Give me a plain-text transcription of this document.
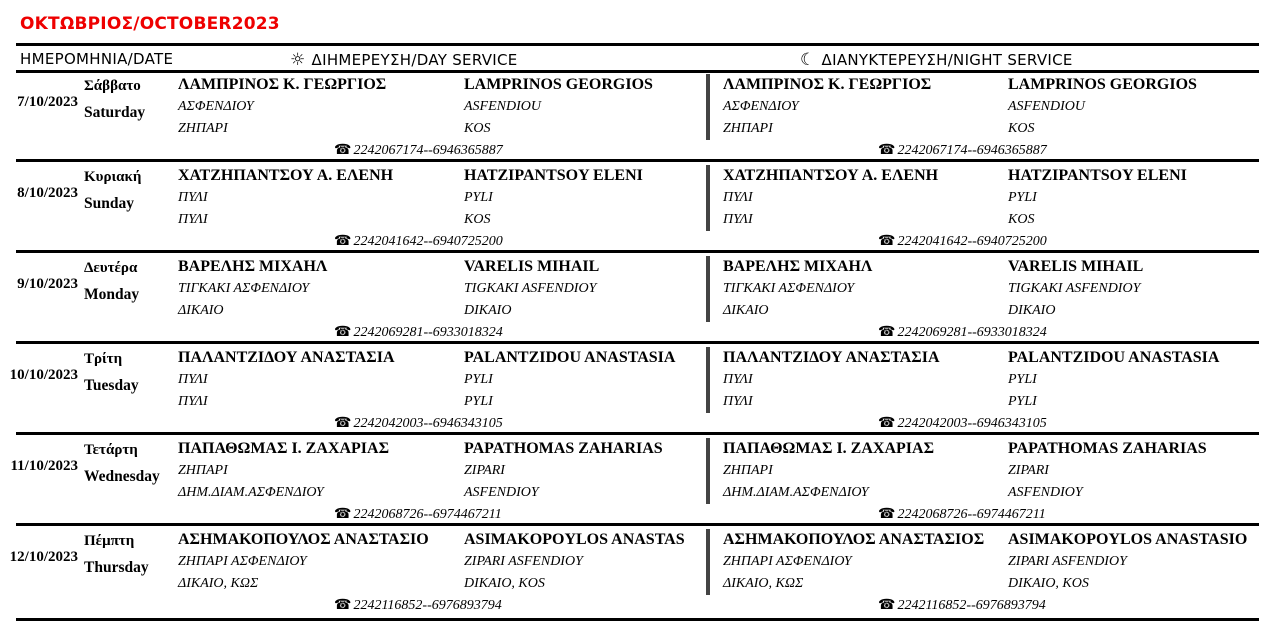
ΟΚΤΩΒΡΙΟΣ/OCTOBER2023
ΗΜΕΡΟΜΗΝΙΑ/DATE	☼ ΔΙΗΜΕΡΕΥΣΗ/DAY SERVICE	☾ ΔΙΑΝΥΚΤΕΡΕΥΣΗ/NIGHT SERVICE
7/10/2023
Σάββατο
Saturday
ΛΑΜΠΡΙΝΟΣ Κ. ΓΕΩΡΓΙΟΣ	LAMPRINOS GEORGIOS
ΑΣΦΕΝΔΙΟΥ	ASFENDIOU
ΖΗΠΑΡΙ	KOS
☎ 2242067174--6946365887
ΛΑΜΠΡΙΝΟΣ Κ. ΓΕΩΡΓΙΟΣ	LAMPRINOS GEORGIOS
ΑΣΦΕΝΔΙΟΥ	ASFENDIOU
ΖΗΠΑΡΙ	KOS
☎ 2242067174--6946365887
8/10/2023
Κυριακή
Sunday
ΧΑΤΖΗΠΑΝΤΣΟΥ Α. ΕΛΕΝΗ	HATZIPANTSOY ELENI
ΠΥΛΙ	PYLI
ΠΥΛΙ	KOS
☎ 2242041642--6940725200
ΧΑΤΖΗΠΑΝΤΣΟΥ Α. ΕΛΕΝΗ	HATZIPANTSOY ELENI
ΠΥΛΙ	PYLI
ΠΥΛΙ	KOS
☎ 2242041642--6940725200
9/10/2023
Δευτέρα
Monday
ΒΑΡΕΛΗΣ ΜΙΧΑΗΛ	VARELIS MIHAIL
ΤΙΓΚΑΚΙ ΑΣΦΕΝΔΙΟΥ	TIGKAKI ASFENDIOY
ΔΙΚΑΙΟ	DIKAIO
☎ 2242069281--6933018324
ΒΑΡΕΛΗΣ ΜΙΧΑΗΛ	VARELIS MIHAIL
ΤΙΓΚΑΚΙ ΑΣΦΕΝΔΙΟΥ	TIGKAKI ASFENDIOY
ΔΙΚΑΙΟ	DIKAIO
☎ 2242069281--6933018324
10/10/2023
Τρίτη
Tuesday
ΠΑΛΑΝΤΖΙΔΟΥ ΑΝΑΣΤΑΣΙΑ	PALANTZIDOU ANASTASIA
ΠΥΛΙ	PYLI
ΠΥΛΙ	PYLI
☎ 2242042003--6946343105
ΠΑΛΑΝΤΖΙΔΟΥ ΑΝΑΣΤΑΣΙΑ	PALANTZIDOU ANASTASIA
ΠΥΛΙ	PYLI
ΠΥΛΙ	PYLI
☎ 2242042003--6946343105
11/10/2023
Τετάρτη
Wednesday
ΠΑΠΑΘΩΜΑΣ Ι. ΖΑΧΑΡΙΑΣ	PAPATHOMAS ZAHARIAS
ΖΗΠΑΡΙ	ZIPARI
ΔΗΜ.ΔΙΑΜ.ΑΣΦΕΝΔΙΟΥ	ASFENDIOY
☎ 2242068726--6974467211
ΠΑΠΑΘΩΜΑΣ Ι. ΖΑΧΑΡΙΑΣ	PAPATHOMAS ZAHARIAS
ΖΗΠΑΡΙ	ZIPARI
ΔΗΜ.ΔΙΑΜ.ΑΣΦΕΝΔΙΟΥ	ASFENDIOY
☎ 2242068726--6974467211
12/10/2023
Πέμπτη
Thursday
ΑΣΗΜΑΚΟΠΟΥΛΟΣ ΑΝΑΣΤΑΣΙΟ ASIMAKOPOYLOS ANASTAS
ΖΗΠΑΡΙ ΑΣΦΕΝΔΙΟΥ	ZIPARI ASFENDIOY
ΔΙΚΑΙΟ, ΚΩΣ	DIKAIO, KOS
☎ 2242116852--6976893794
ΑΣΗΜΑΚΟΠΟΥΛΟΣ ΑΝΑΣΤΑΣΙΟΣ ASIMAKOPOYLOS ANASTASIO
ΖΗΠΑΡΙ ΑΣΦΕΝΔΙΟΥ	ZIPARI ASFENDIOY
ΔΙΚΑΙΟ, ΚΩΣ	DIKAIO, KOS
☎ 2242116852--6976893794
